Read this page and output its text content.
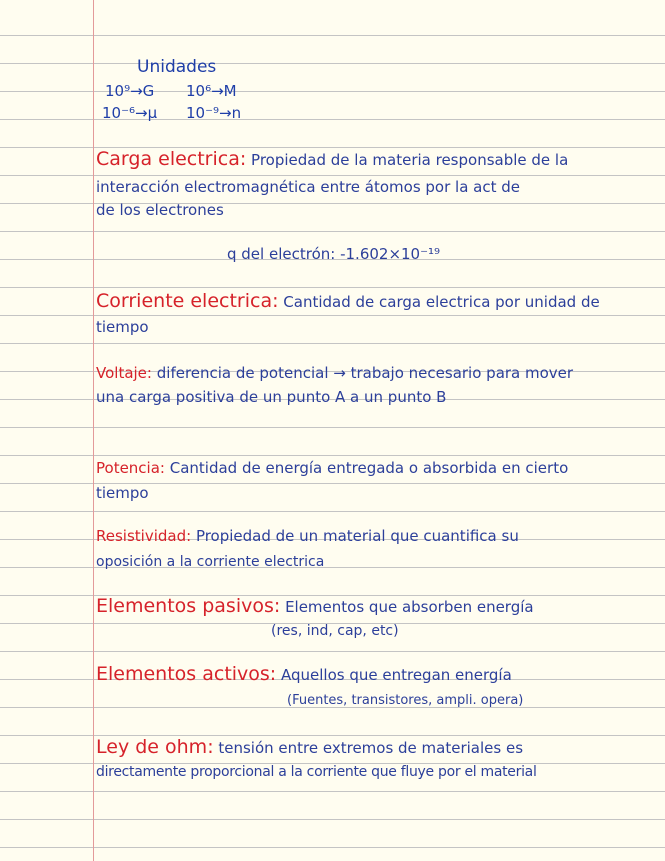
Unidades
10⁹→G 10⁶→M
10⁻⁶→μ 10⁻⁹→n
Carga electrica: Propiedad de la materia responsable de la
interacción electromagnética entre átomos por la act de
de los electrones
q del electrón: -1.602×10⁻¹⁹
Corriente electrica: Cantidad de carga electrica por unidad de
tiempo
Voltaje: diferencia de potencial → trabajo necesario para mover
una carga positiva de un punto A a un punto B
Potencia: Cantidad de energía entregada o absorbida en cierto
tiempo
Resistividad: Propiedad de un material que cuantifica su
oposición a la corriente electrica
Elementos pasivos: Elementos que absorben energía
(res, ind, cap, etc)
Elementos activos: Aquellos que entregan energía
(Fuentes, transistores, ampli. opera)
Ley de ohm: tensión entre extremos de materiales es
directamente proporcional a la corriente que fluye por el material
